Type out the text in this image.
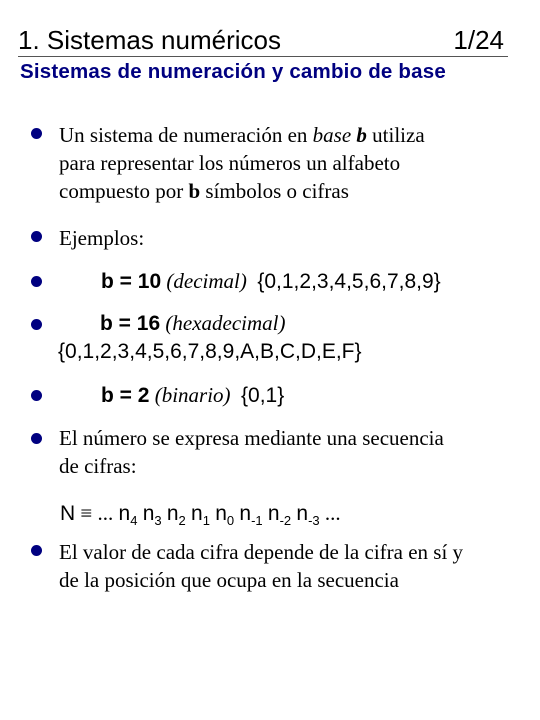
1. Sistemas numéricos	1/24
Sistemas de numeración y cambio de base
Un sistema de numeración en base b utiliza
para representar los números un alfabeto
compuesto por b símbolos o cifras
Ejemplos:
b = 10 (decimal) {0,1,2,3,4,5,6,7,8,9}
b = 16 (hexadecimal)
{0,1,2,3,4,5,6,7,8,9,A,B,C,D,E,F}
b = 2 (binario) {0,1}
El número se expresa mediante una secuencia
de cifras:
N ≡ ... $n_4$ $n_3$ $n_2$ $n_1$ $n_0$ $n_{-1}$ $n_{-2}$ $n_{-3}$ ...
El valor de cada cifra depende de la cifra en sí y
de la posición que ocupa en la secuencia
